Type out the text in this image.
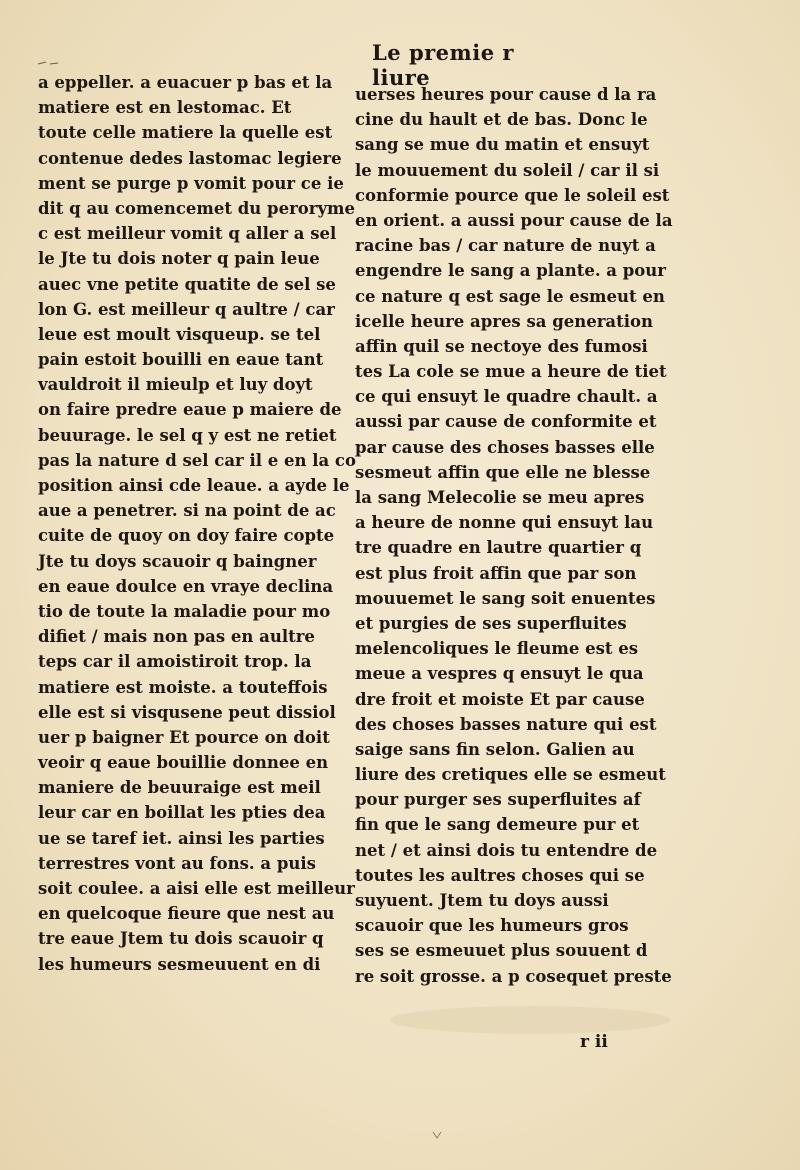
Le premie r liure
a eppeller. a euacuer p bas et la
matiere est en lestomac. Et
toute celle matiere la quelle est
contenue dedes lastomac legiere
ment se purge p vomit pour ce ie
dit q au comencemet du peroryme
c est meilleur vomit q aller a sel
le Jte tu dois noter q pain leue
auec vne petite quatite de sel se
lon G. est meilleur q aultre / car
leue est moult visqueup. se tel
pain estoit bouilli en eaue tant
vauldroit il mieulp et luy doyt
on faire predre eaue p maiere de
beuurage. le sel q y est ne retiet
pas la nature d sel car il e en la co
position ainsi cde leaue. a ayde le
aue a penetrer. si na point de ac
cuite de quoy on doy faire copte
Jte tu doys scauoir q baingner
en eaue doulce en vraye declina
tio de toute la maladie pour mo
difiet / mais non pas en aultre
teps car il amoistiroit trop. la
matiere est moiste. a touteffois
elle est si visqusene peut dissiol
uer p baigner Et pource on doit
veoir q eaue bouillie donnee en
maniere de beuuraige est meil
leur car en boillat les pties dea
ue se taref iet. ainsi les parties
terrestres vont au fons. a puis
soit coulee. a aisi elle est meilleur
en quelcoque fieure que nest au
tre eaue Jtem tu dois scauoir q
les humeurs sesmeuuent en di
uerses heures pour cause d la ra
cine du hault et de bas. Donc le
sang se mue du matin et ensuyt
le mouuement du soleil / car il si
conformie pource que le soleil est
en orient. a aussi pour cause de la
racine bas / car nature de nuyt a
engendre le sang a plante. a pour
ce nature q est sage le esmeut en
icelle heure apres sa generation
affin quil se nectoye des fumosi
tes La cole se mue a heure de tiet
ce qui ensuyt le quadre chault. a
aussi par cause de conformite et
par cause des choses basses elle
sesmeut affin que elle ne blesse
la sang Melecolie se meu apres
a heure de nonne qui ensuyt lau
tre quadre en lautre quartier q
est plus froit affin que par son
mouuemet le sang soit enuentes
et purgies de ses superfluites
melencoliques le fleume est es
meue a vespres q ensuyt le qua
dre froit et moiste Et par cause
des choses basses nature qui est
saige sans fin selon. Galien au
liure des cretiques elle se esmeut
pour purger ses superfluites af
fin que le sang demeure pur et
net / et ainsi dois tu entendre de
toutes les aultres choses qui se
suyuent. Jtem tu doys aussi
scauoir que les humeurs gros
ses se esmeuuet plus souuent d
re soit grosse. a p cosequet preste
r ii
